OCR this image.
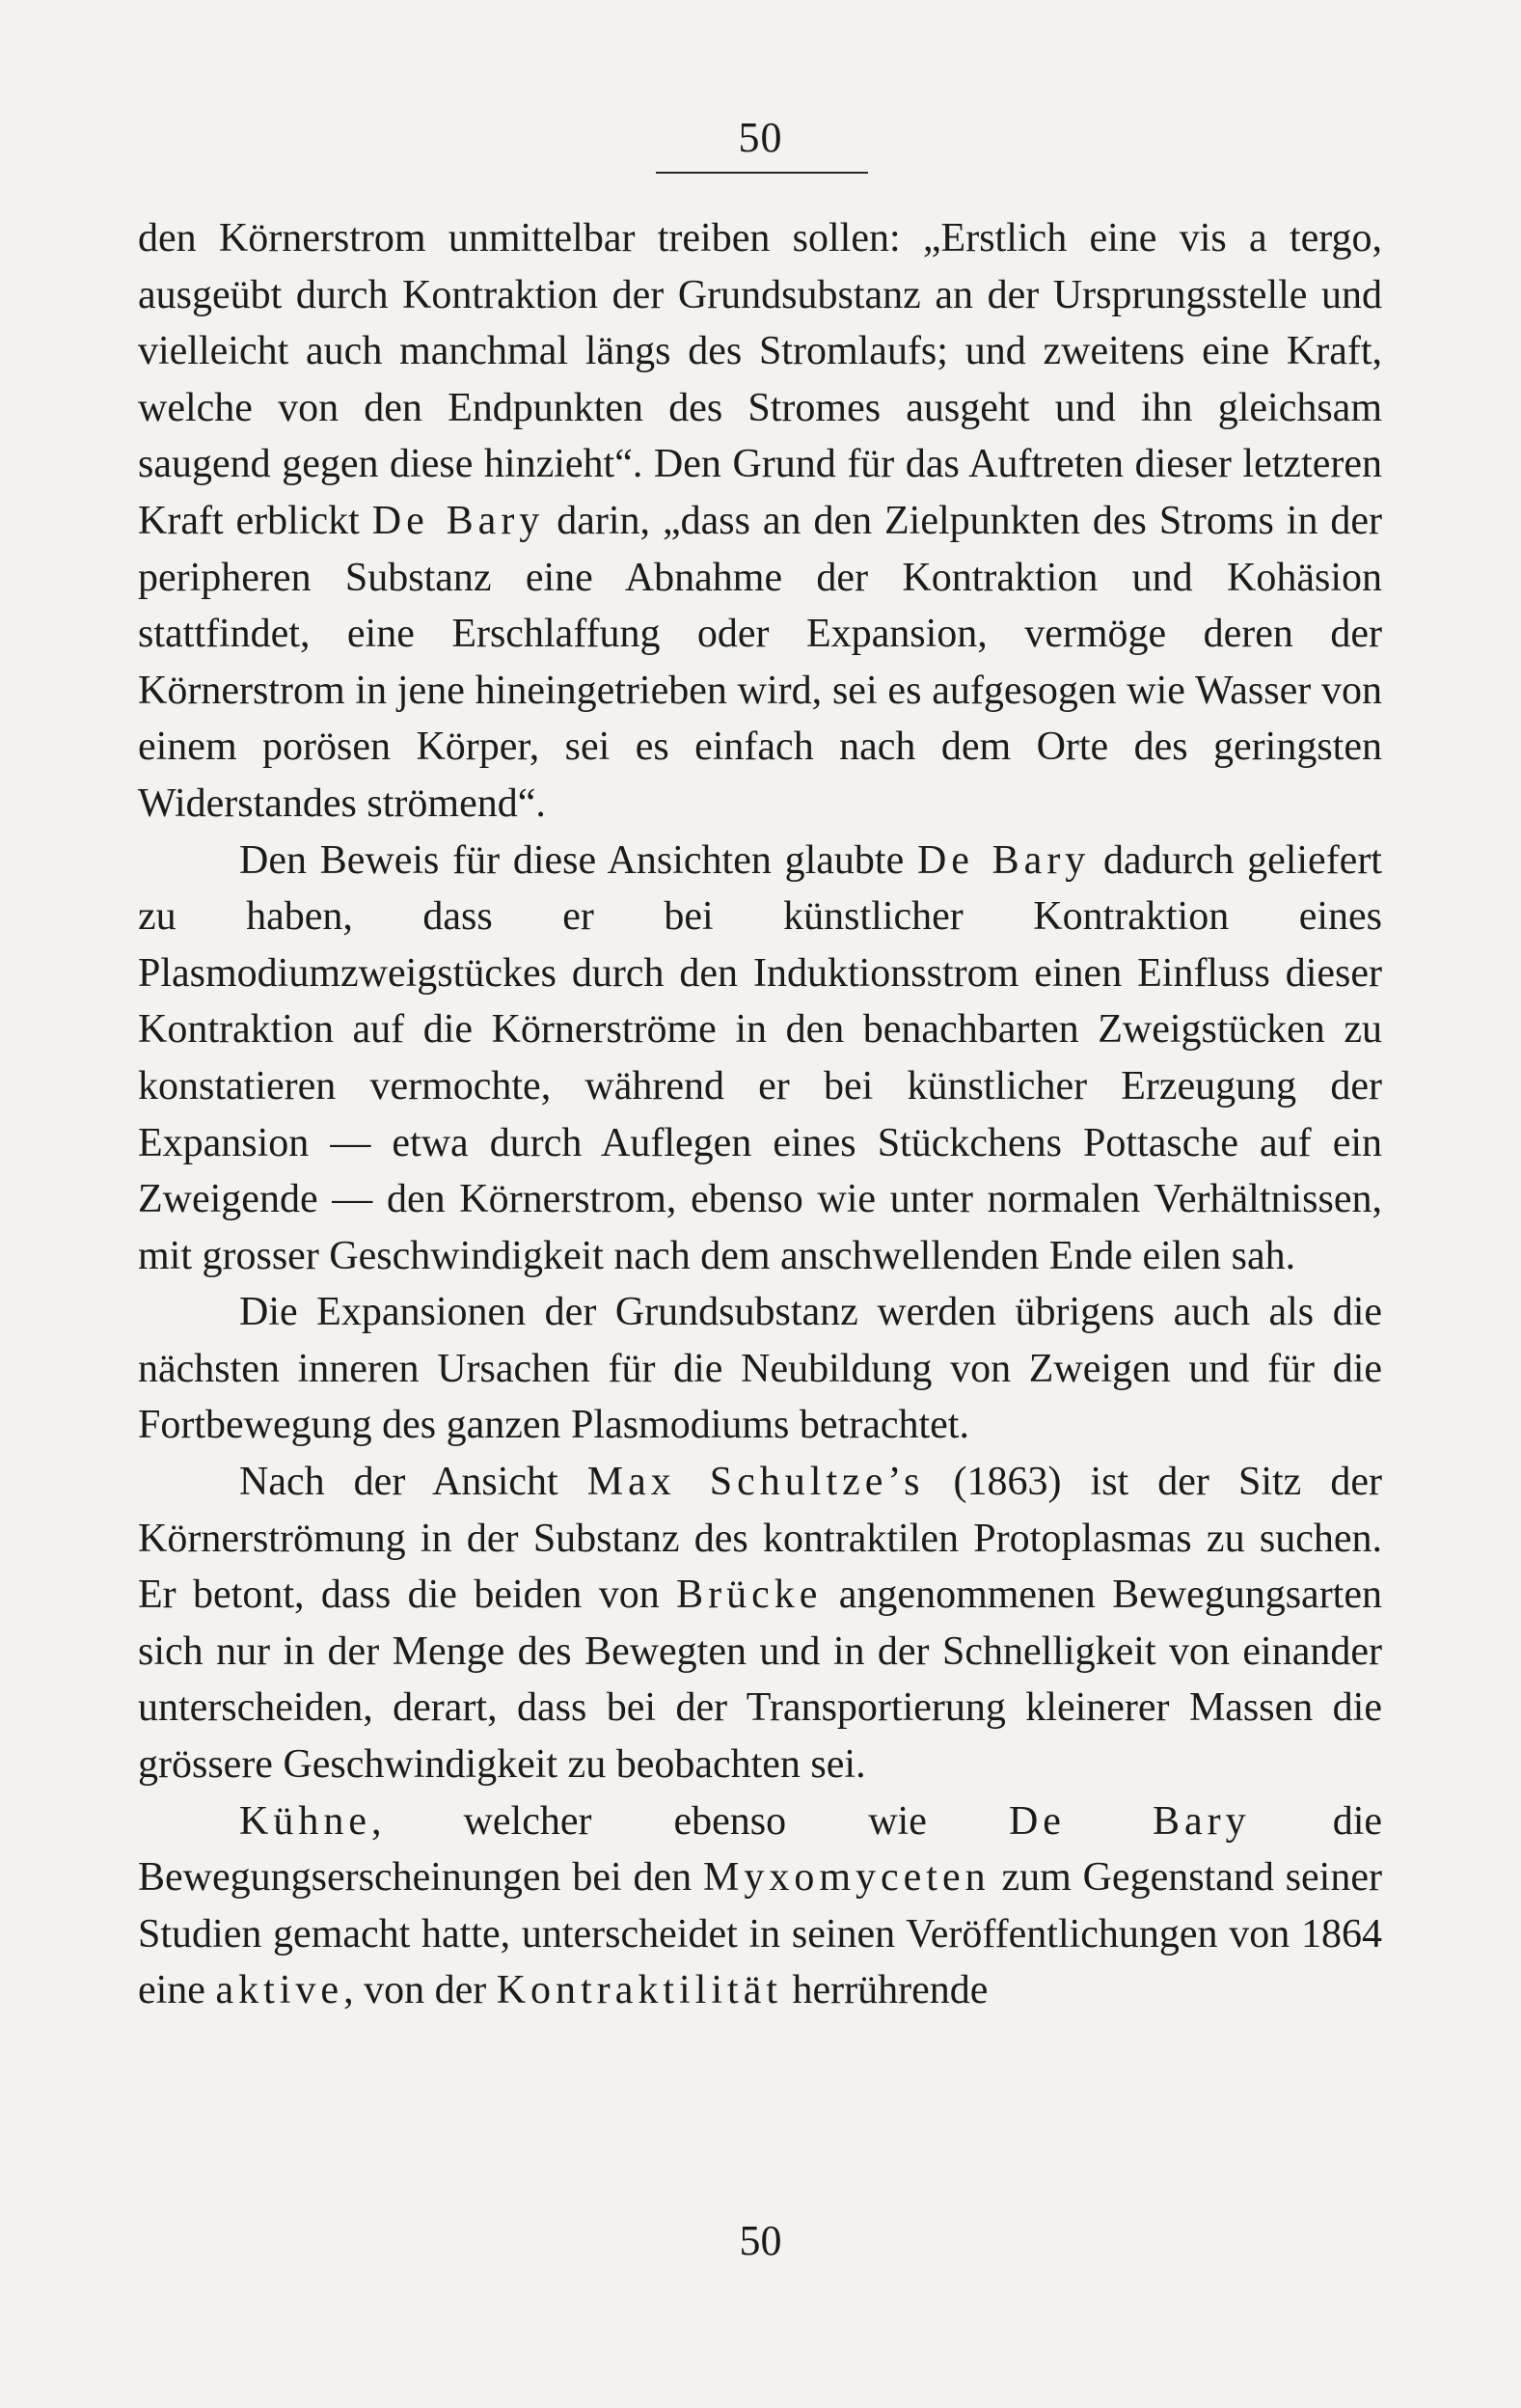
50

den Körnerstrom unmittelbar treiben sollen: „Erstlich eine vis a tergo, ausgeübt durch Kontraktion der Grundsubstanz an der Ursprungsstelle und vielleicht auch manchmal längs des Stromlaufs; und zweitens eine Kraft, welche von den Endpunkten des Stromes ausgeht und ihn gleichsam saugend gegen diese hinzieht“. Den Grund für das Auftreten dieser letzteren Kraft erblickt De Bary darin, „dass an den Zielpunkten des Stroms in der peripheren Substanz eine Abnahme der Kontraktion und Kohäsion stattfindet, eine Erschlaffung oder Expansion, vermöge deren der Körnerstrom in jene hineingetrieben wird, sei es aufgesogen wie Wasser von einem porösen Körper, sei es einfach nach dem Orte des geringsten Widerstandes strömend“.

Den Beweis für diese Ansichten glaubte De Bary dadurch geliefert zu haben, dass er bei künstlicher Kontraktion eines Plasmodiumzweigstückes durch den Induktionsstrom einen Einfluss dieser Kontraktion auf die Körnerströme in den benachbarten Zweigstücken zu konstatieren vermochte, während er bei künstlicher Erzeugung der Expansion — etwa durch Auflegen eines Stückchens Pottasche auf ein Zweigende — den Körnerstrom, ebenso wie unter normalen Verhältnissen, mit grosser Geschwindigkeit nach dem anschwellenden Ende eilen sah.

Die Expansionen der Grundsubstanz werden übrigens auch als die nächsten inneren Ursachen für die Neubildung von Zweigen und für die Fortbewegung des ganzen Plasmodiums betrachtet.

Nach der Ansicht Max Schultze’s (1863) ist der Sitz der Körnerströmung in der Substanz des kontraktilen Protoplasmas zu suchen. Er betont, dass die beiden von Brücke angenommenen Bewegungsarten sich nur in der Menge des Bewegten und in der Schnelligkeit von einander unterscheiden, derart, dass bei der Transportierung kleinerer Massen die grössere Geschwindigkeit zu beobachten sei.

Kühne, welcher ebenso wie De Bary die Bewegungserscheinungen bei den Myxomyceten zum Gegenstand seiner Studien gemacht hatte, unterscheidet in seinen Veröffentlichungen von 1864 eine aktive, von der Kontraktilität herrührende

50
